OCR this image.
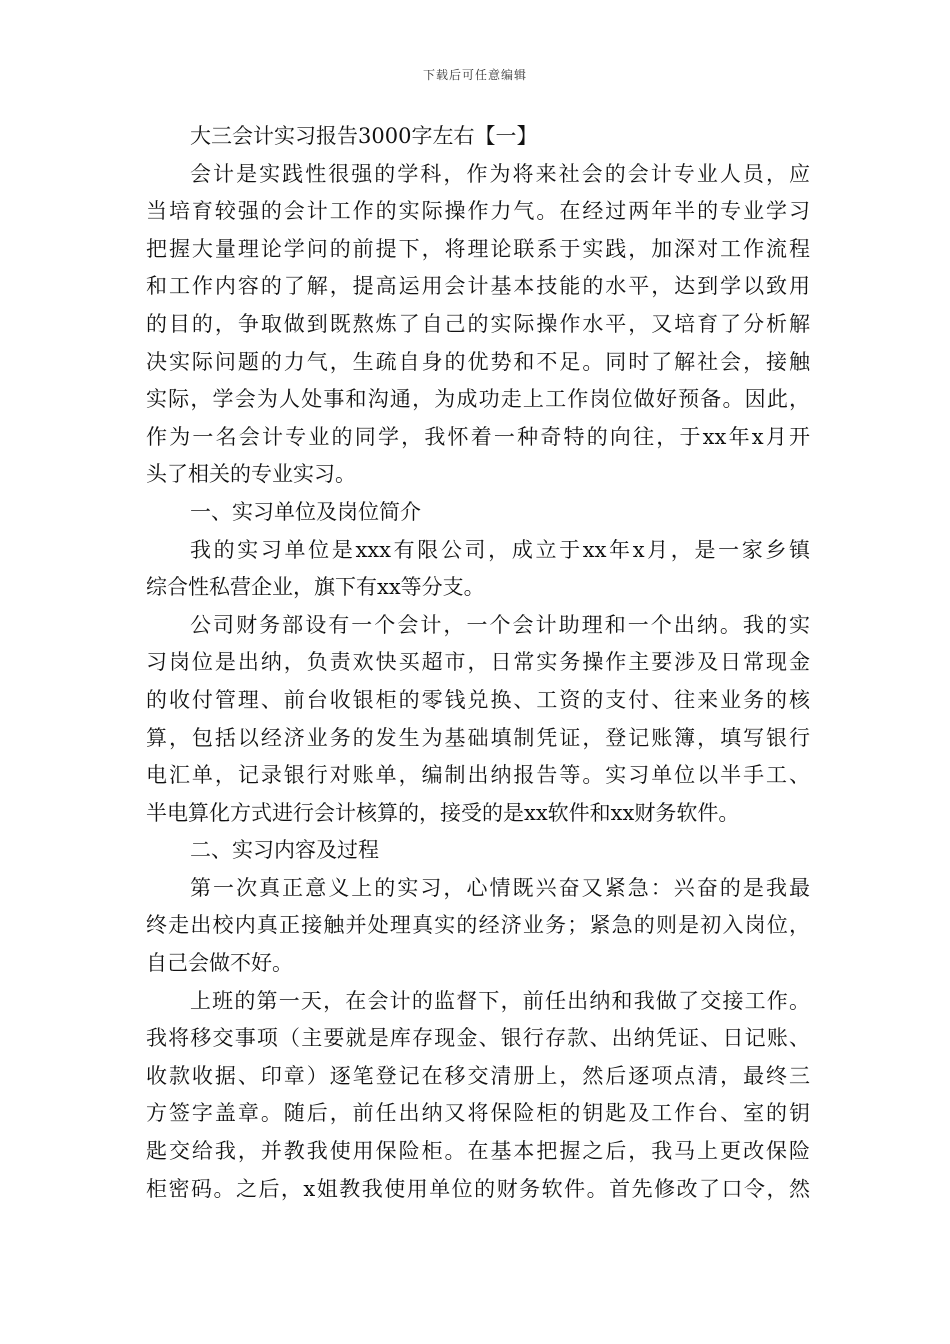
下载后可任意编辑
大三会计实习报告3000字左右【一】
会计是实践性很强的学科，作为将来社会的会计专业人员，应
当培育较强的会计工作的实际操作力气。在经过两年半的专业学习
把握大量理论学问的前提下，将理论联系于实践，加深对工作流程
和工作内容的了解，提高运用会计基本技能的水平，达到学以致用
的目的，争取做到既熬炼了自己的实际操作水平，又培育了分析解
决实际问题的力气，生疏自身的优势和不足。同时了解社会，接触
实际，学会为人处事和沟通，为成功走上工作岗位做好预备。因此，
作为一名会计专业的同学，我怀着一种奇特的向往，于xx年x月开
头了相关的专业实习。
一、实习单位及岗位简介
我的实习单位是xxx有限公司，成立于xx年x月，是一家乡镇
综合性私营企业，旗下有xx等分支。
公司财务部设有一个会计，一个会计助理和一个出纳。我的实
习岗位是出纳，负责欢快买超市，日常实务操作主要涉及日常现金
的收付管理、前台收银柜的零钱兑换、工资的支付、往来业务的核
算，包括以经济业务的发生为基础填制凭证，登记账簿，填写银行
电汇单，记录银行对账单，编制出纳报告等。实习单位以半手工、
半电算化方式进行会计核算的，接受的是xx软件和xx财务软件。
二、实习内容及过程
第一次真正意义上的实习，心情既兴奋又紧急：兴奋的是我最
终走出校内真正接触并处理真实的经济业务；紧急的则是初入岗位，
自己会做不好。
上班的第一天，在会计的监督下，前任出纳和我做了交接工作。
我将移交事项（主要就是库存现金、银行存款、出纳凭证、日记账、
收款收据、印章）逐笔登记在移交清册上，然后逐项点清，最终三
方签字盖章。随后，前任出纳又将保险柜的钥匙及工作台、室的钥
匙交给我，并教我使用保险柜。在基本把握之后，我马上更改保险
柜密码。之后，x姐教我使用单位的财务软件。首先修改了口令，然
